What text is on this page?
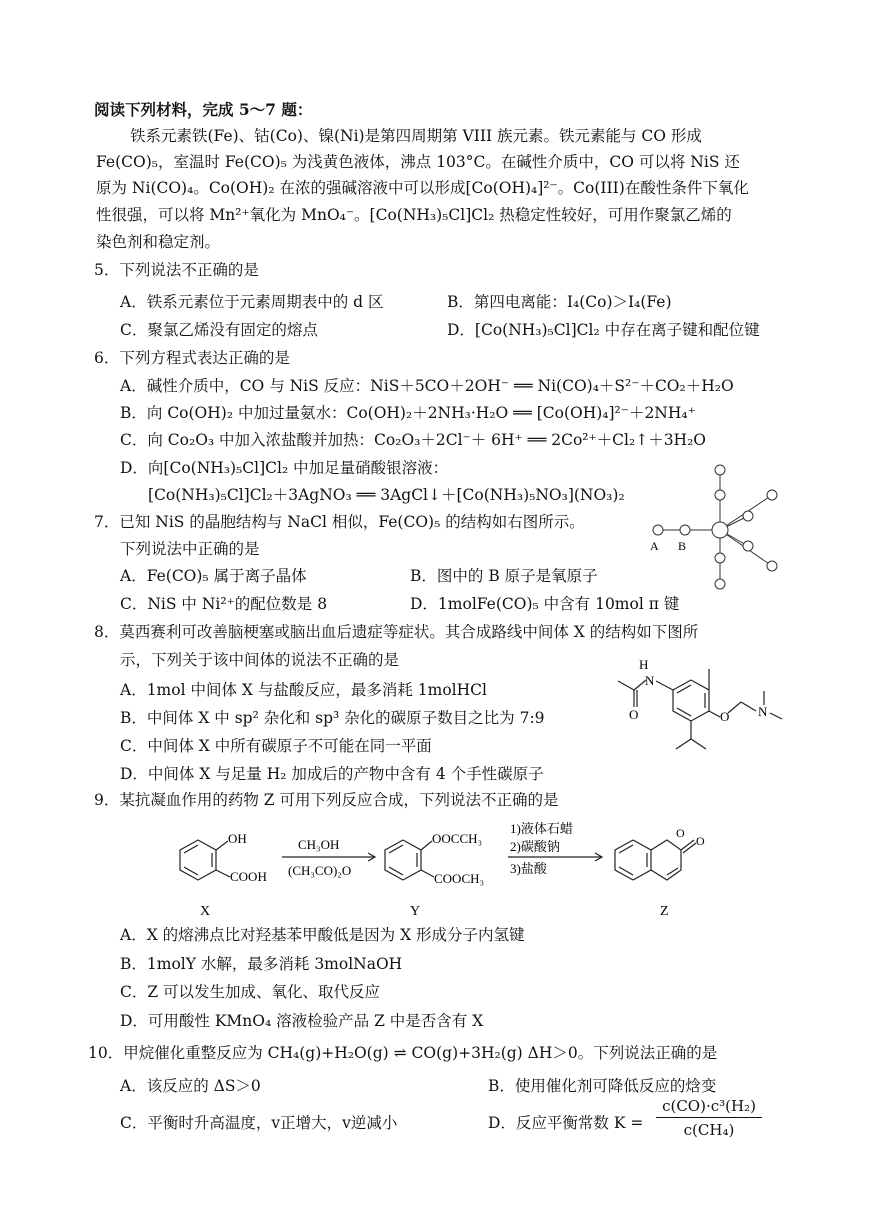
阅读下列材料，完成 5～7 题：
铁系元素铁(Fe)、钴(Co)、镍(Ni)是第四周期第 VIII 族元素。铁元素能与 CO 形成
Fe(CO)₅，室温时 Fe(CO)₅ 为浅黄色液体，沸点 103°C。在碱性介质中，CO 可以将 NiS 还
原为 Ni(CO)₄。Co(OH)₂ 在浓的强碱溶液中可以形成[Co(OH)₄]²⁻。Co(III)在酸性条件下氧化
性很强，可以将 Mn²⁺氧化为 MnO₄⁻。[Co(NH₃)₅Cl]Cl₂ 热稳定性较好，可用作聚氯乙烯的
染色剂和稳定剂。
5．下列说法不正确的是
A．铁系元素位于元素周期表中的 d 区	B．第四电离能：I₄(Co)＞I₄(Fe)
C．聚氯乙烯没有固定的熔点	D．[Co(NH₃)₅Cl]Cl₂ 中存在离子键和配位键
6．下列方程式表达正确的是
A．碱性介质中，CO 与 NiS 反应：NiS＋5CO＋2OH⁻ ══ Ni(CO)₄＋S²⁻＋CO₂＋H₂O
B．向 Co(OH)₂ 中加过量氨水：Co(OH)₂＋2NH₃·H₂O ══ [Co(OH)₄]²⁻＋2NH₄⁺
C．向 Co₂O₃ 中加入浓盐酸并加热：Co₂O₃＋2Cl⁻＋ 6H⁺ ══ 2Co²⁺＋Cl₂↑＋3H₂O
D．向[Co(NH₃)₅Cl]Cl₂ 中加足量硝酸银溶液：
[Co(NH₃)₅Cl]Cl₂＋3AgNO₃ ══ 3AgCl↓＋[Co(NH₃)₅NO₃](NO₃)₂
7．已知 NiS 的晶胞结构与 NaCl 相似，Fe(CO)₅ 的结构如右图所示。
下列说法中正确的是
A．Fe(CO)₅ 属于离子晶体	B．图中的 B 原子是氧原子
C．NiS 中 Ni²⁺的配位数是 8	D．1molFe(CO)₅ 中含有 10mol π 键
A B
8．莫西赛利可改善脑梗塞或脑出血后遗症等症状。其合成路线中间体 X 的结构如下图所
示，下列关于该中间体的说法不正确的是
A．1mol 中间体 X 与盐酸反应，最多消耗 1molHCl
B．中间体 X 中 sp² 杂化和 sp³ 杂化的碳原子数目之比为 7:9
C．中间体 X 中所有碳原子不可能在同一平面
D．中间体 X 与足量 H₂ 加成后的产物中含有 4 个手性碳原子
H
N
O	O N
9．某抗凝血作用的药物 Z 可用下列反应合成，下列说法不正确的是
OH
COOH
CH₃OH
(CH₃CO)₂O
OOCCH₃
COOCH₃
1)液体石蜡
2)碳酸钠
3)盐酸
O
O
X	Y	Z
A．X 的熔沸点比对羟基苯甲酸低是因为 X 形成分子内氢键
B．1molY 水解，最多消耗 3molNaOH
C．Z 可以发生加成、氧化、取代反应
D．可用酸性 KMnO₄ 溶液检验产品 Z 中是否含有 X
10．甲烷催化重整反应为 CH₄(g)+H₂O(g) ⇌ CO(g)+3H₂(g) ΔH＞0。下列说法正确的是
A．该反应的 ΔS＞0	B．使用催化剂可降低反应的焓变
C．平衡时升高温度，v正增大，v逆减小	D．反应平衡常数 $K = \frac{\text{c(CO)·c³(H₂)}}{\text{c(CH₄)}}$
